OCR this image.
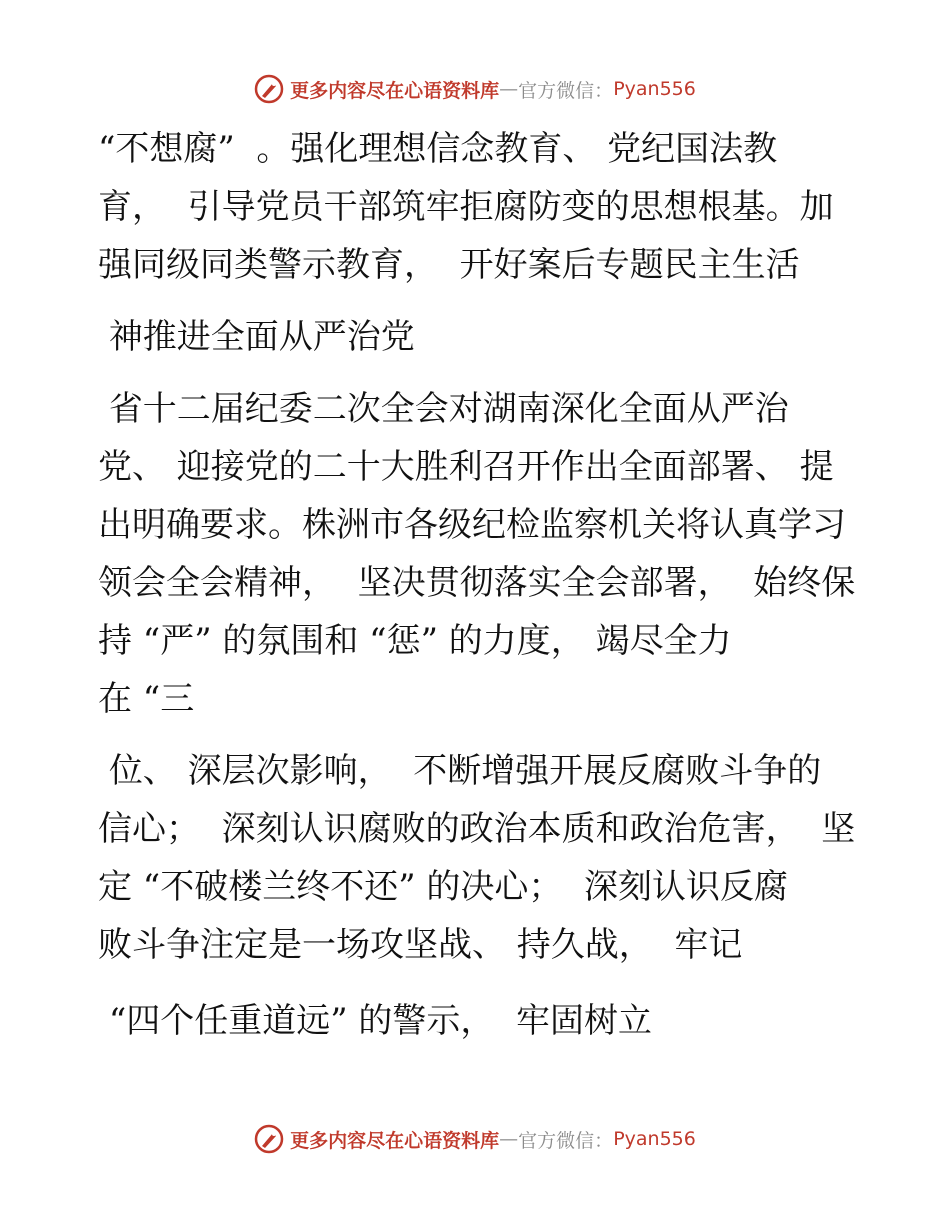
更多内容尽在心语资料库 — 官方微信： Pyan556

“不想腐”  。强化理想信念教育、 党纪国法教

育，  引导党员干部筑牢拒腐防变的思想根基。加

强同级同类警示教育，  开好案后专题民主生活

神推进全面从严治党

省十二届纪委二次全会对湖南深化全面从严治

党、 迎接党的二十大胜利召开作出全面部署、 提

出明确要求。株洲市各级纪检监察机关将认真学习

领会全会精神，  坚决贯彻落实全会部署，  始终保

持 “严” 的氛围和 “惩” 的力度， 竭尽全力

在 “三

位、 深层次影响，  不断增强开展反腐败斗争的

信心；  深刻认识腐败的政治本质和政治危害，  坚

定 “不破楼兰终不还” 的决心；  深刻认识反腐

败斗争注定是一场攻坚战、 持久战，  牢记

“四个任重道远” 的警示，  牢固树立

更多内容尽在心语资料库 — 官方微信： Pyan556
